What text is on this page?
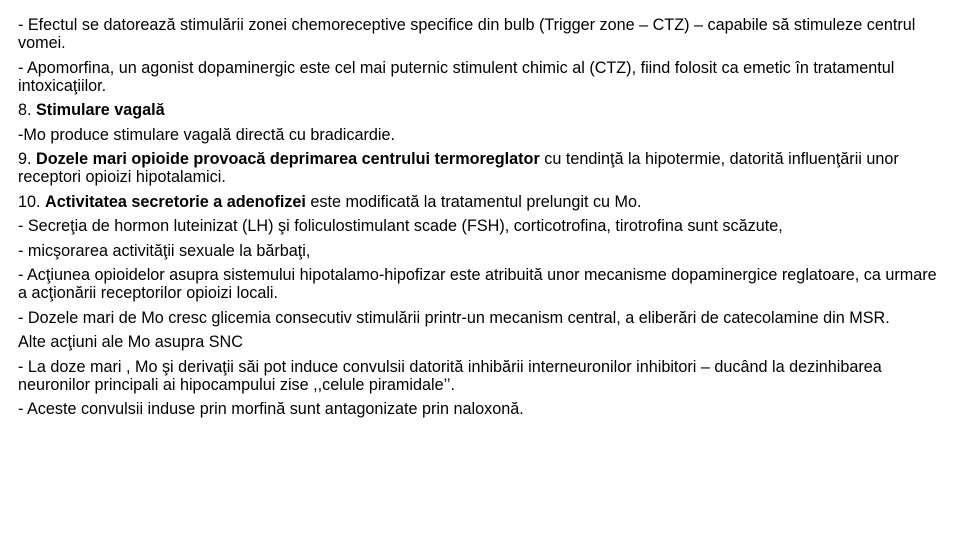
- Efectul se datorează stimulării zonei chemoreceptive specifice din bulb (Trigger zone – CTZ) – capabile să stimuleze centrul vomei.

- Apomorfina, un agonist dopaminergic este cel mai puternic stimulent chimic al (CTZ), fiind folosit ca emetic în tratamentul intoxicaţiilor.

8. Stimulare vagală

-Mo produce stimulare vagală directă cu bradicardie.

9. Dozele mari opioide provoacă deprimarea centrului termoreglator cu tendinţă la hipotermie, datorită influenţării unor receptori opioizi hipotalamici.

10. Activitatea secretorie a adenofizei este modificată la tratamentul prelungit cu Mo.

- Secreţia de hormon luteinizat (LH) şi foliculostimulant scade (FSH), corticotrofina, tirotrofina sunt scăzute,

- micşorarea activităţii sexuale la bărbaţi,

- Acţiunea opioidelor asupra sistemului hipotalamo-hipofizar este atribuită unor mecanisme dopaminergice reglatoare, ca urmare a acţionării receptorilor opioizi locali.

- Dozele mari de Mo cresc glicemia consecutiv stimulării printr-un mecanism central, a eliberări de catecolamine din MSR.

Alte acţiuni ale Mo asupra SNC

- La doze mari , Mo şi derivaţii săi pot induce convulsii datorită inhibării interneuronilor inhibitori – ducând la dezinhibarea neuronilor principali ai hipocampului zise ,,celule piramidale’’.

- Aceste convulsii induse prin morfină sunt antagonizate prin naloxonă.
